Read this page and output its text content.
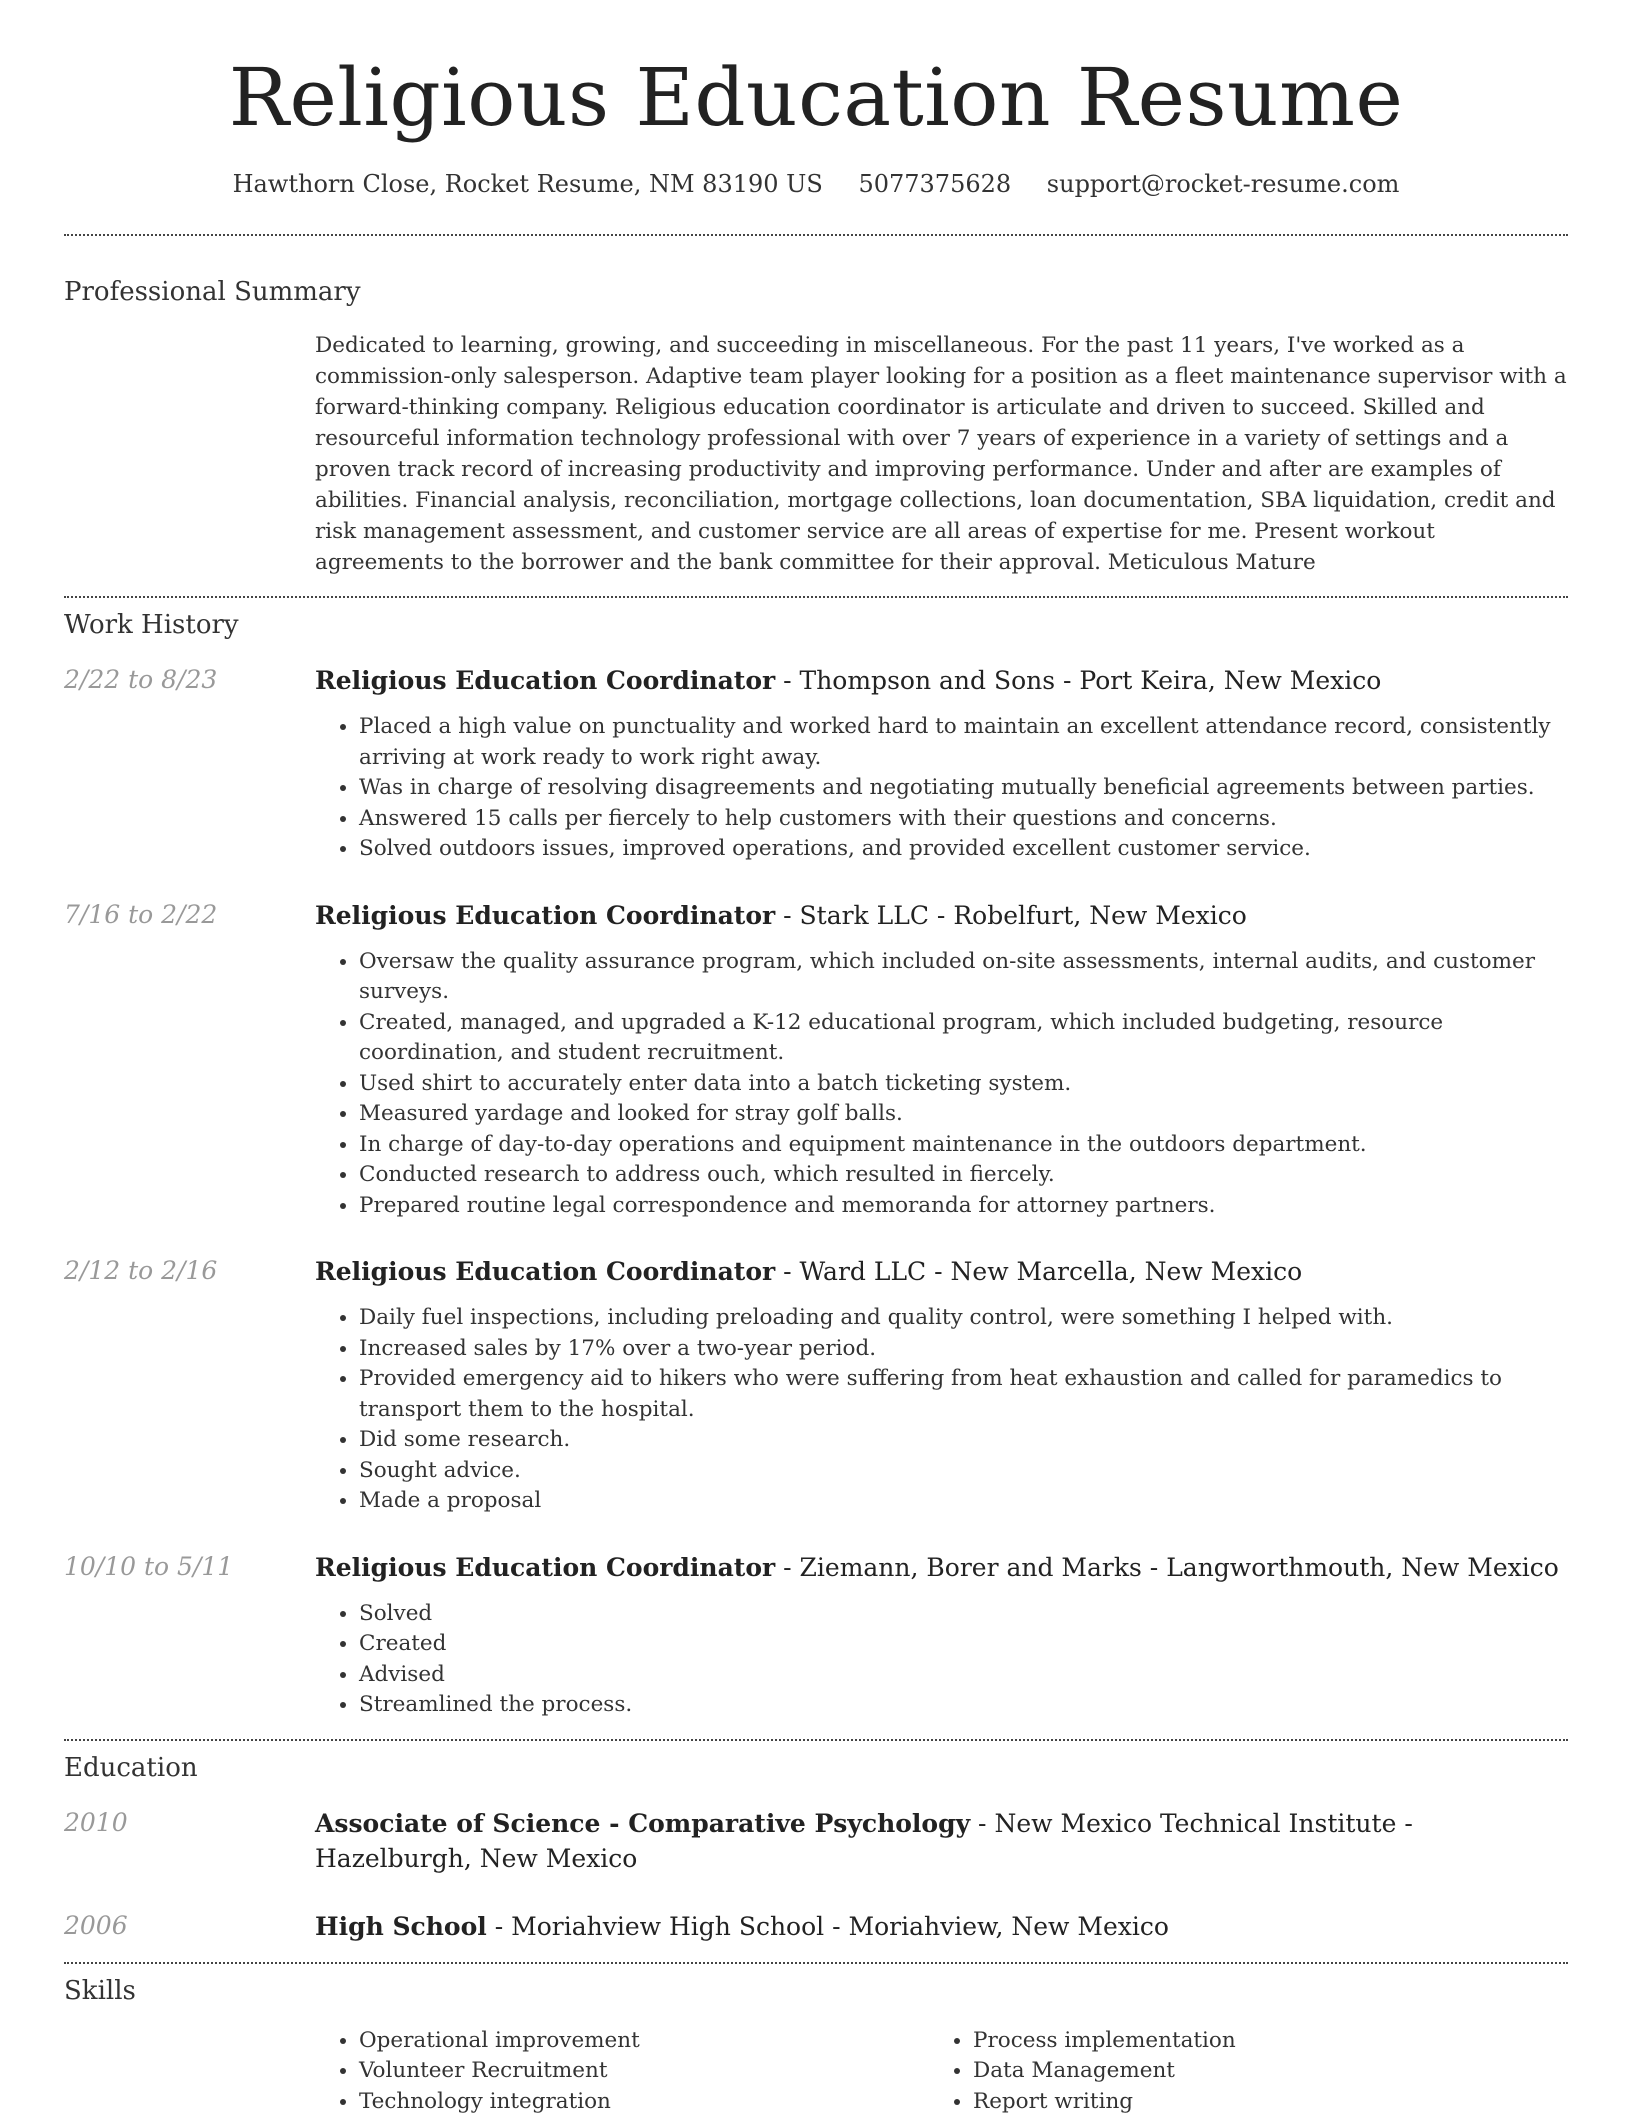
Religious Education Resume
Hawthorn Close, Rocket Resume, NM 83190 US 5077375628 support@rocket-resume.com
Professional Summary
Dedicated to learning, growing, and succeeding in miscellaneous. For the past 11 years, I've worked as a commission-only salesperson. Adaptive team player looking for a position as a fleet maintenance supervisor with a forward-thinking company. Religious education coordinator is articulate and driven to succeed. Skilled and resourceful information technology professional with over 7 years of experience in a variety of settings and a proven track record of increasing productivity and improving performance. Under and after are examples of abilities. Financial analysis, reconciliation, mortgage collections, loan documentation, SBA liquidation, credit and risk management assessment, and customer service are all areas of expertise for me. Present workout agreements to the borrower and the bank committee for their approval. Meticulous Mature
Work History
2/22 to 8/23	Religious Education Coordinator - Thompson and Sons - Port Keira, New Mexico
• Placed a high value on punctuality and worked hard to maintain an excellent attendance record, consistently arriving at work ready to work right away.
• Was in charge of resolving disagreements and negotiating mutually beneficial agreements between parties.
• Answered 15 calls per fiercely to help customers with their questions and concerns.
• Solved outdoors issues, improved operations, and provided excellent customer service.
7/16 to 2/22	Religious Education Coordinator - Stark LLC - Robelfurt, New Mexico
• Oversaw the quality assurance program, which included on-site assessments, internal audits, and customer surveys.
• Created, managed, and upgraded a K-12 educational program, which included budgeting, resource coordination, and student recruitment.
• Used shirt to accurately enter data into a batch ticketing system.
• Measured yardage and looked for stray golf balls.
• In charge of day-to-day operations and equipment maintenance in the outdoors department.
• Conducted research to address ouch, which resulted in fiercely.
• Prepared routine legal correspondence and memoranda for attorney partners.
2/12 to 2/16	Religious Education Coordinator - Ward LLC - New Marcella, New Mexico
• Daily fuel inspections, including preloading and quality control, were something I helped with.
• Increased sales by 17% over a two-year period.
• Provided emergency aid to hikers who were suffering from heat exhaustion and called for paramedics to transport them to the hospital.
• Did some research.
• Sought advice.
• Made a proposal
10/10 to 5/11	Religious Education Coordinator - Ziemann, Borer and Marks - Langworthmouth, New Mexico
• Solved
• Created
• Advised
• Streamlined the process.
Education
2010	Associate of Science - Comparative Psychology - New Mexico Technical Institute - Hazelburgh, New Mexico
2006	High School - Moriahview High School - Moriahview, New Mexico
Skills
• Operational improvement
• Volunteer Recruitment
• Technology integration
• Process implementation
• Data Management
• Report writing
